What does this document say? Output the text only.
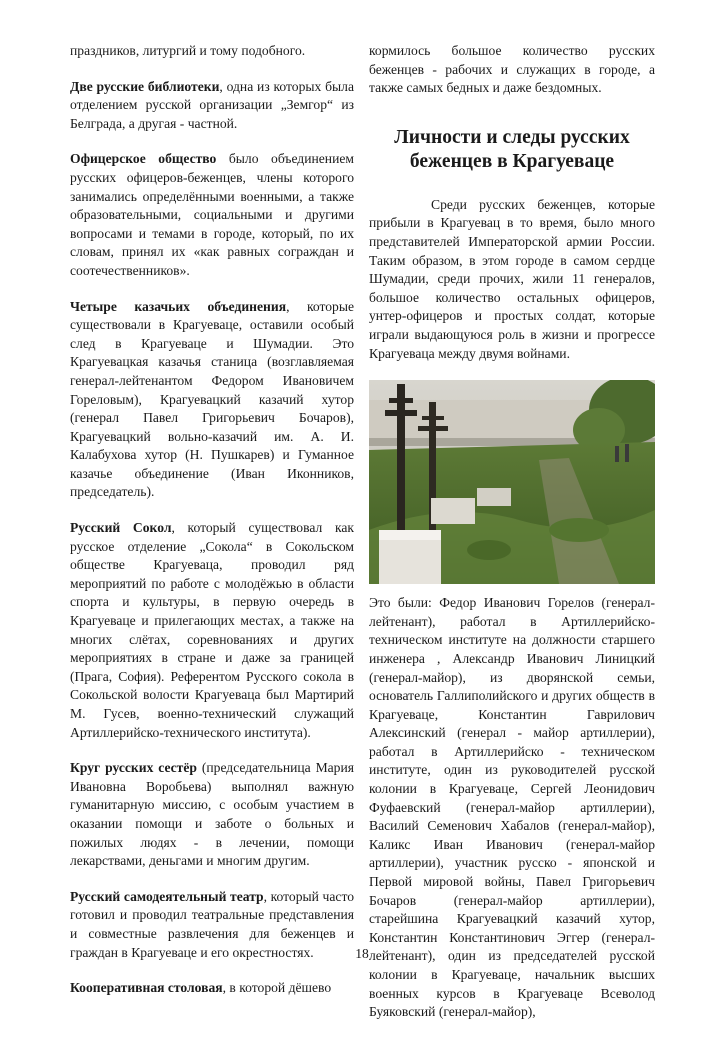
праздников, литургий и тому подобного.

Две русские библиотеки, одна из которых была отделением русской организации „Земгор“ из Белграда, а другая - частной.

Офицерское общество было объединением русских офицеров-беженцев, члены которого занимались определёнными военными, а также образовательными, социальными и другими вопросами и темами в городе, который, по их словам, принял их «как равных сограждан и соотечественников».

Четыре казачьих объединения, которые существовали в Крагуеваце, оставили особый след в Крагуеваце и Шумадии. Это Крагуевацкая казачья станица (возглавляемая генерал-лейтенантом Федором Ивановичем Гореловым), Крагуевацкий казачий хутор (генерал Павел Григорьевич Бочаров), Крагуевацкий вольно-казачий им. А. И. Калабухова хутор (Н. Пушкарев) и Гуманное казачье объединение (Иван Иконников, председатель).

Русский Сокол, который существовал как русское отделение „Сокола“ в Сокольском обществе Крагуеваца, проводил ряд мероприятий по работе с молодёжью в области спорта и культуры, в первую очередь в Крагуеваце и прилегающих местах, а также на многих слётах, соревнованиях и других мероприятиях в стране и даже за границей (Прага, София). Референтом Русского сокола в Сокольской волости Крагуеваца был Мартирий М. Гусев, военно-технический служащий Артиллерийско-технического института).

Круг русских сестёр (председательница Мария Ивановна Воробьева) выполнял важную гуманитарную миссию, с особым участием в оказании помощи и заботе о больных и пожилых людях - в лечении, помощи лекарствами, деньгами и многим другим.

Русский самодеятельный театр, который часто готовил и проводил театральные представления и совместные развлечения для беженцев и граждан в Крагуеваце и его окрестностях.

Кооперативная столовая, в которой дёшево

кормилось большое количество русских беженцев - рабочих и служащих в городе, а также самых бедных и даже бездомных.

Личности и следы русских беженцев в Крагуеваце

Среди русских беженцев, которые прибыли в Крагуевац в то время, было много представителей Императорской армии России. Таким образом, в этом городе в самом сердце Шумадии, среди прочих, жили 11 генералов, большое количество остальных офицеров, унтер-офицеров и простых солдат, которые играли выдающуюся роль в жизни и прогрессе Крагуеваца между двумя войнами.

Это были: Федор Иванович Горелов (генерал-лейтенант), работал в Артиллерийско-техническом институте на должности старшего инженера , Александр Иванович Линицкий (генерал-майор), из дворянской семьи, основатель Галлиполийского и других обществ в Крагуеваце, Константин Гаврилович Алексинский (генерал - майор артиллерии), работал в Артиллерийско - техническом институте, один из руководителей русской колонии в Крагуеваце, Сергей Леонидович Фуфаевский (генерал-майор артиллерии), Василий Семенович Хабалов (генерал-майор), Каликс Иван Иванович (генерал-майор артиллерии), участник русско - японской и Первой мировой войны, Павел Григорьевич Бочаров (генерал-майор артиллерии), старейшина Крагуевацкий казачий хутор, Константин Константинович Эггер (генерал-лейтенант), один из председателей русской колонии в Крагуеваце, начальник высших военных курсов в Крагуеваце Всеволод Буяковский (генерал-майор),

18
